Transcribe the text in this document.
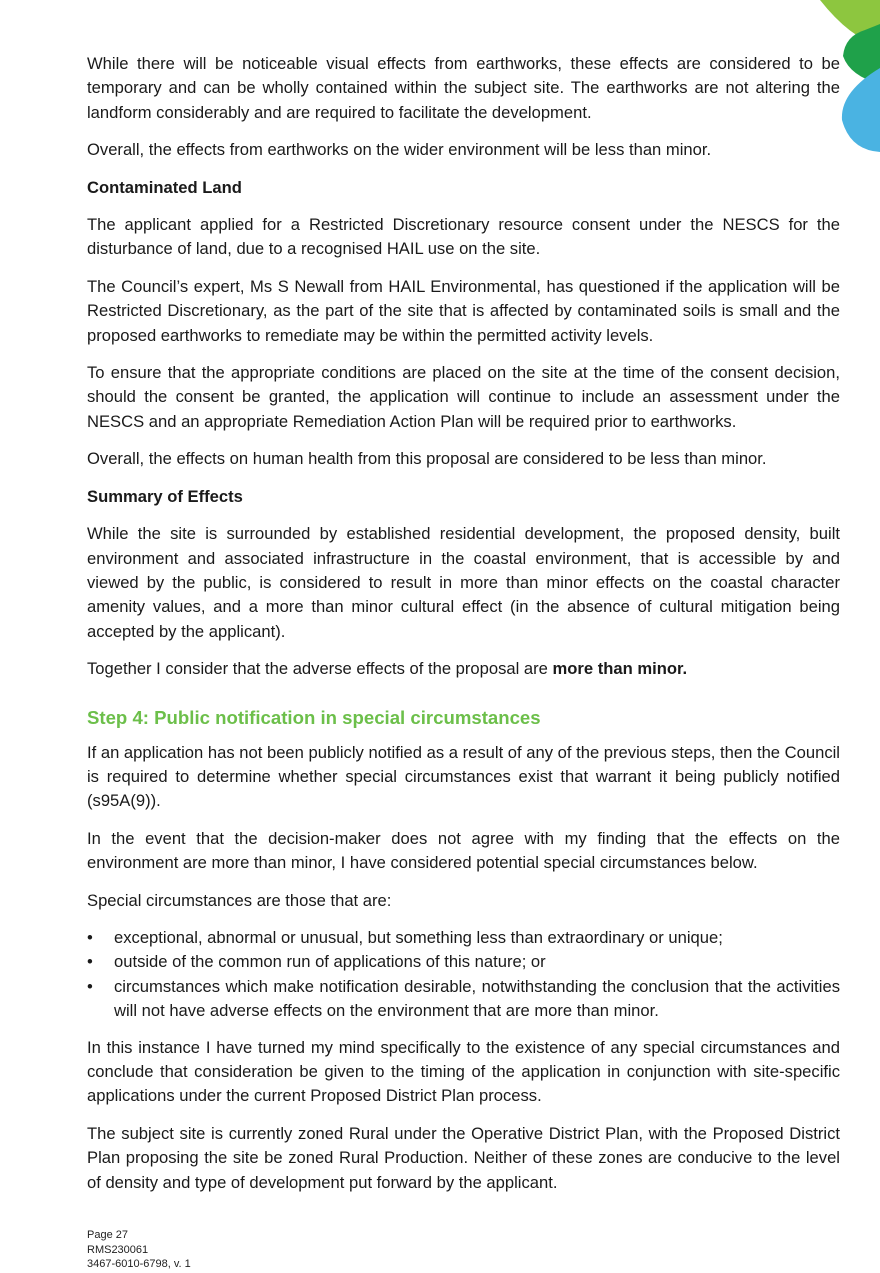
While there will be noticeable visual effects from earthworks, these effects are considered to be temporary and can be wholly contained within the subject site. The earthworks are not altering the landform considerably and are required to facilitate the development.

Overall, the effects from earthworks on the wider environment will be less than minor.

Contaminated Land

The applicant applied for a Restricted Discretionary resource consent under the NESCS for the disturbance of land, due to a recognised HAIL use on the site.

The Council’s expert, Ms S Newall from HAIL Environmental, has questioned if the application will be Restricted Discretionary, as the part of the site that is affected by contaminated soils is small and the proposed earthworks to remediate may be within the permitted activity levels.

To ensure that the appropriate conditions are placed on the site at the time of the consent decision, should the consent be granted, the application will continue to include an assessment under the NESCS and an appropriate Remediation Action Plan will be required prior to earthworks.

Overall, the effects on human health from this proposal are considered to be less than minor.

Summary of Effects

While the site is surrounded by established residential development, the proposed density, built environment and associated infrastructure in the coastal environment, that is accessible by and viewed by the public, is considered to result in more than minor effects on the coastal character amenity values, and a more than minor cultural effect (in the absence of cultural mitigation being accepted by the applicant).

Together I consider that the adverse effects of the proposal are more than minor.

Step 4: Public notification in special circumstances

If an application has not been publicly notified as a result of any of the previous steps, then the Council is required to determine whether special circumstances exist that warrant it being publicly notified (s95A(9)).

In the event that the decision-maker does not agree with my finding that the effects on the environment are more than minor, I have considered potential special circumstances below.

Special circumstances are those that are:

•	exceptional, abnormal or unusual, but something less than extraordinary or unique;
•	outside of the common run of applications of this nature; or
•	circumstances which make notification desirable, notwithstanding the conclusion that the activities will not have adverse effects on the environment that are more than minor.

In this instance I have turned my mind specifically to the existence of any special circumstances and conclude that consideration be given to the timing of the application in conjunction with site-specific applications under the current Proposed District Plan process.

The subject site is currently zoned Rural under the Operative District Plan, with the Proposed District Plan proposing the site be zoned Rural Production. Neither of these zones are conducive to the level of density and type of development put forward by the applicant.

Page 27
RMS230061
3467-6010-6798, v. 1
